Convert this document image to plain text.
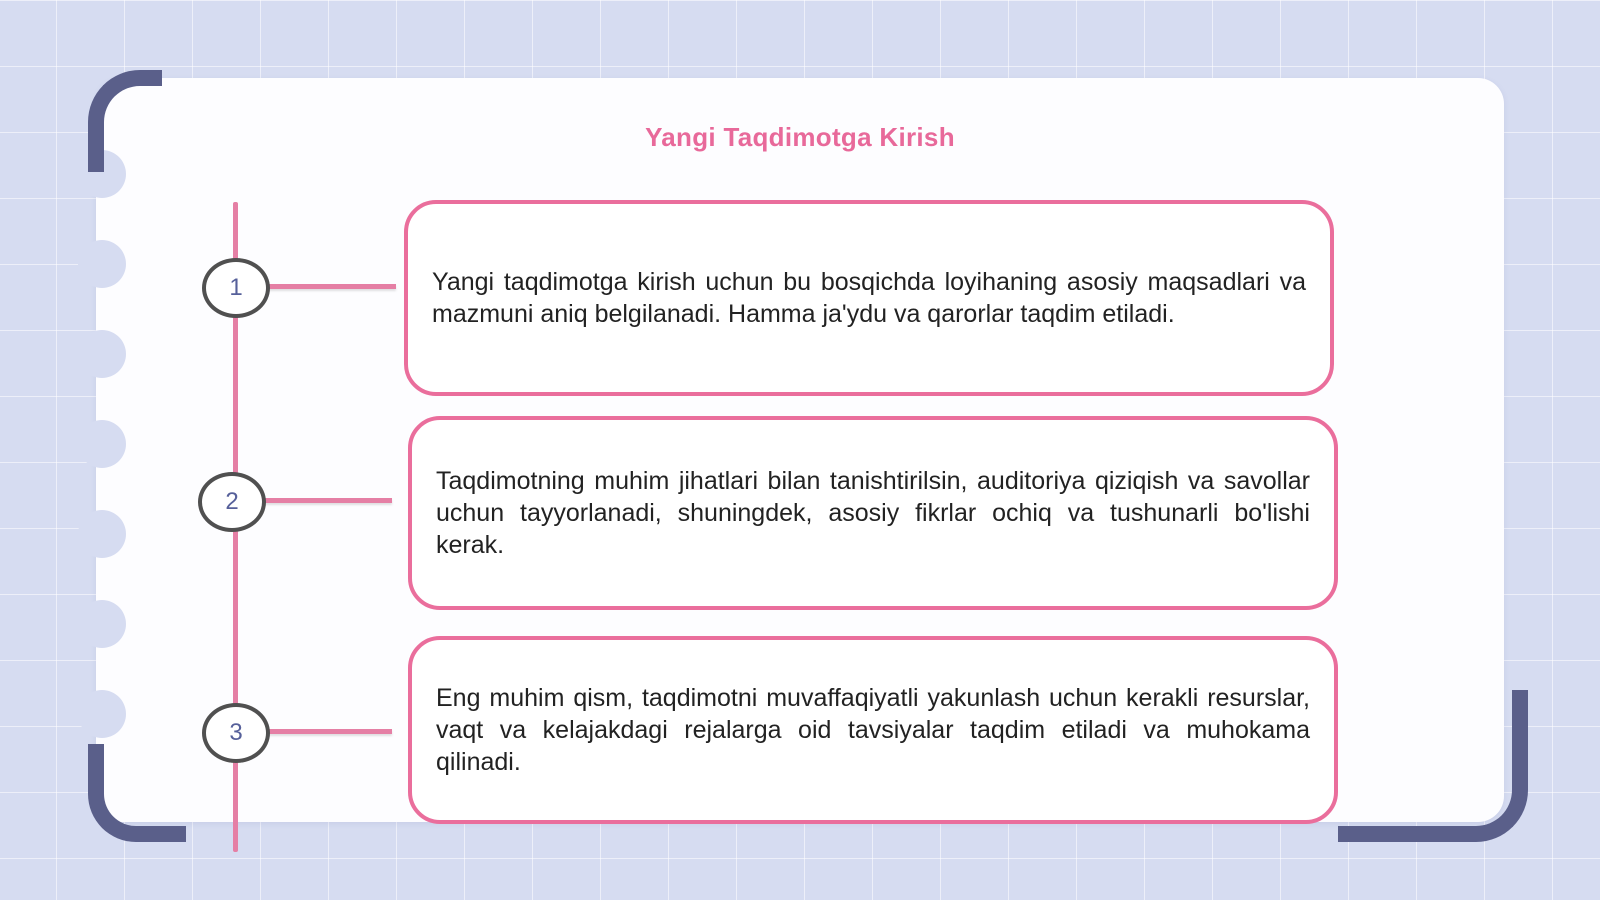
Yangi Taqdimotga Kirish
1
2
3
Yangi taqdimotga kirish uchun bu bosqichda loyihaning asosiy maqsadlari va mazmuni aniq belgilanadi. Hamma ja'ydu va qarorlar taqdim etiladi.
Taqdimotning muhim jihatlari bilan tanishtirilsin, auditoriya qiziqish va savollar uchun tayyorlanadi, shuningdek, asosiy fikrlar ochiq va tushunarli bo'lishi kerak.
Eng muhim qism, taqdimotni muvaffaqiyatli yakunlash uchun kerakli resurslar, vaqt va kelajakdagi rejalarga oid tavsiyalar taqdim etiladi va muhokama qilinadi.
